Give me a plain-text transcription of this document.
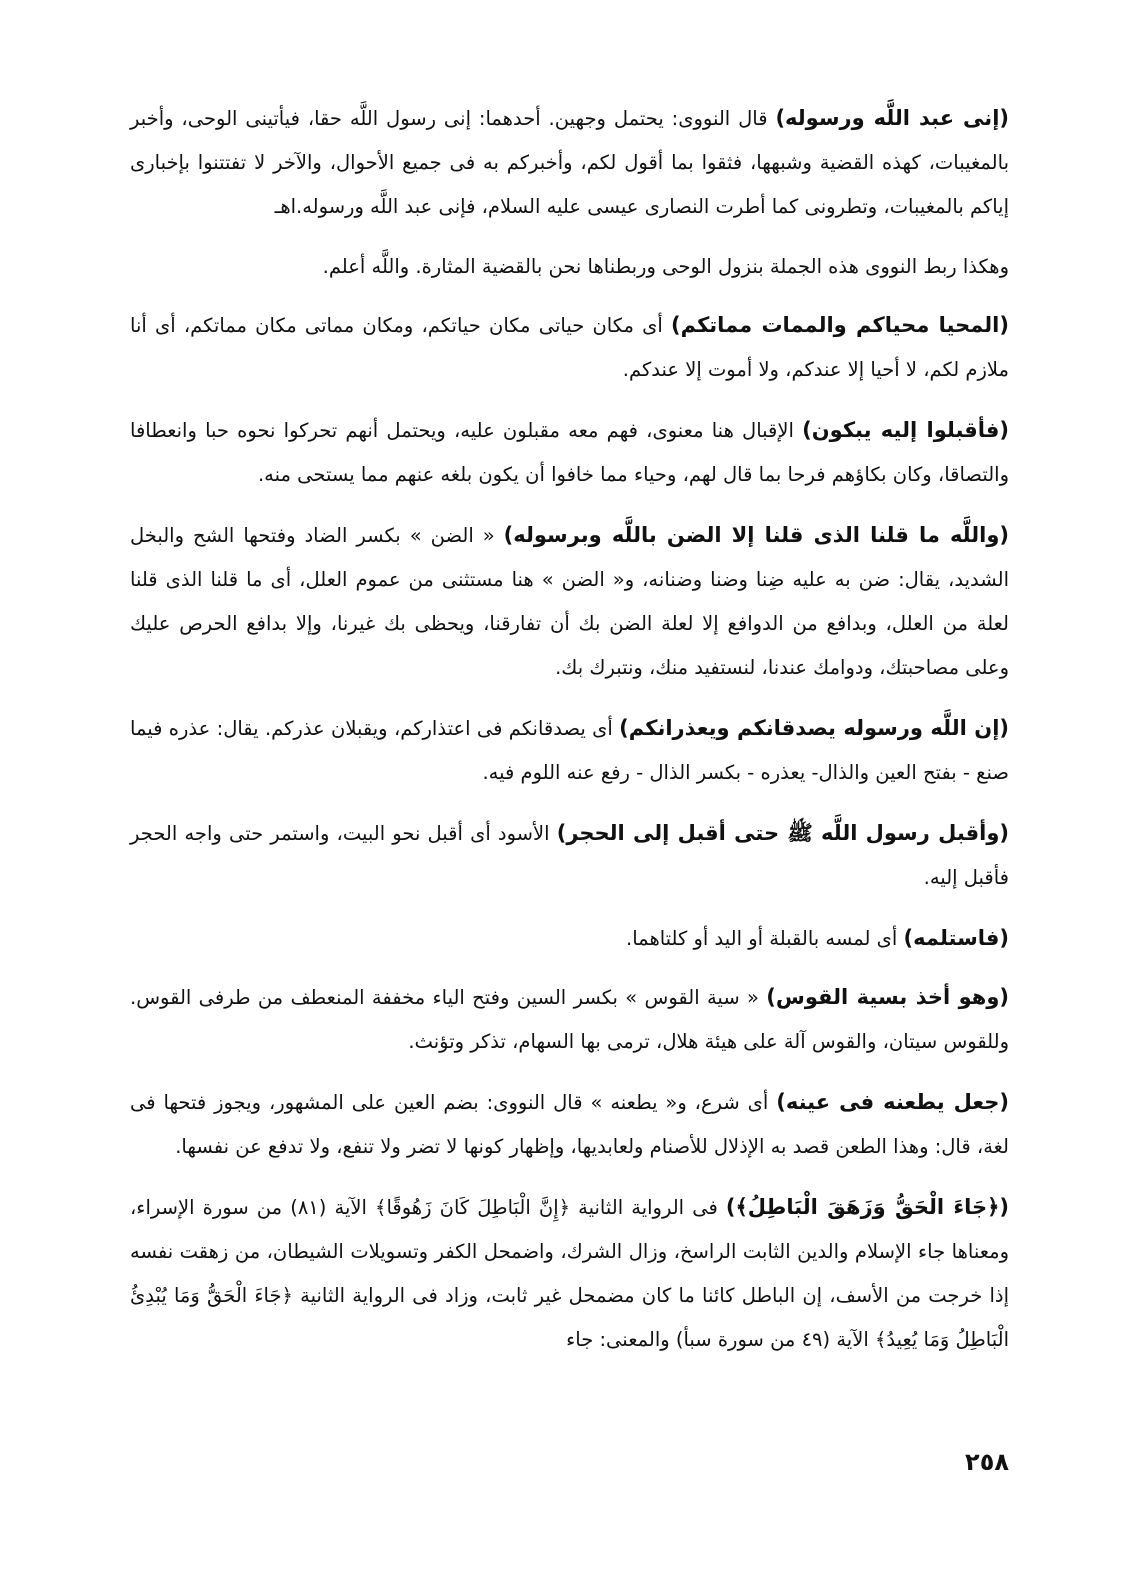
(إنى عبد اللَّه ورسوله) قال النووى: يحتمل وجهين. أحدهما: إنى رسول اللَّه حقا، فيأتينى الوحى، وأخبر بالمغيبات، كهذه القضية وشبهها، فثقوا بما أقول لكم، وأخبركم به فى جميع الأحوال، والآخر لا تفتتنوا بإخبارى إياكم بالمغيبات، وتطرونى كما أطرت النصارى عيسى عليه السلام، فإنى عبد اللَّه ورسوله.اهـ

وهكذا ربط النووى هذه الجملة بنزول الوحى وربطناها نحن بالقضية المثارة. واللَّه أعلم.

(المحيا محياكم والممات مماتكم) أى مكان حياتى مكان حياتكم، ومكان مماتى مكان مماتكم، أى أنا ملازم لكم، لا أحيا إلا عندكم، ولا أموت إلا عندكم.

(فأقبلوا إليه يبكون) الإقبال هنا معنوى، فهم معه مقبلون عليه، ويحتمل أنهم تحركوا نحوه حبا وانعطافا والتصاقا، وكان بكاؤهم فرحا بما قال لهم، وحياء مما خافوا أن يكون بلغه عنهم مما يستحى منه.

(واللَّه ما قلنا الذى قلنا إلا الضن باللَّه وبرسوله) « الضن » بكسر الضاد وفتحها الشح والبخل الشديد، يقال: ضن به عليه ضِنا وضنا وضنانه، و« الضن » هنا مستثنى من عموم العلل، أى ما قلنا الذى قلنا لعلة من العلل، وبدافع من الدوافع إلا لعلة الضن بك أن تفارقنا، ويحظى بك غيرنا، وإلا بدافع الحرص عليك وعلى مصاحبتك، ودوامك عندنا، لنستفيد منك، ونتبرك بك.

(إن اللَّه ورسوله يصدقانكم ويعذرانكم) أى يصدقانكم فى اعتذاركم، ويقبلان عذركم. يقال: عذره فيما صنع - بفتح العين والذال- يعذره - بكسر الذال - رفع عنه اللوم فيه.

(وأقبل رسول اللَّه ﷺ حتى أقبل إلى الحجر) الأسود أى أقبل نحو البيت، واستمر حتى واجه الحجر فأقبل إليه.

(فاستلمه) أى لمسه بالقبلة أو اليد أو كلتاهما.

(وهو أخذ بسية القوس) « سية القوس » بكسر السين وفتح الياء مخففة المنعطف من طرفى القوس. وللقوس سيتان، والقوس آلة على هيئة هلال، ترمى بها السهام، تذكر وتؤنث.

(جعل يطعنه فى عينه) أى شرع، و« يطعنه » قال النووى: بضم العين على المشهور، ويجوز فتحها فى لغة، قال: وهذا الطعن قصد به الإذلال للأصنام ولعابديها، وإظهار كونها لا تضر ولا تنفع، ولا تدفع عن نفسها.

(﴿جَاءَ الْحَقُّ وَزَهَقَ الْبَاطِلُ﴾) فى الرواية الثانية ﴿إِنَّ الْبَاطِلَ كَانَ زَهُوقًا﴾ الآية (٨١) من سورة الإسراء، ومعناها جاء الإسلام والدين الثابت الراسخ، وزال الشرك، واضمحل الكفر وتسويلات الشيطان، من زهقت نفسه إذا خرجت من الأسف، إن الباطل كائنا ما كان مضمحل غير ثابت، وزاد فى الرواية الثانية ﴿جَاءَ الْحَقُّ وَمَا يُبْدِئُ الْبَاطِلُ وَمَا يُعِيدُ﴾ الآية (٤٩ من سورة سبأ) والمعنى: جاء

٢٥٨
